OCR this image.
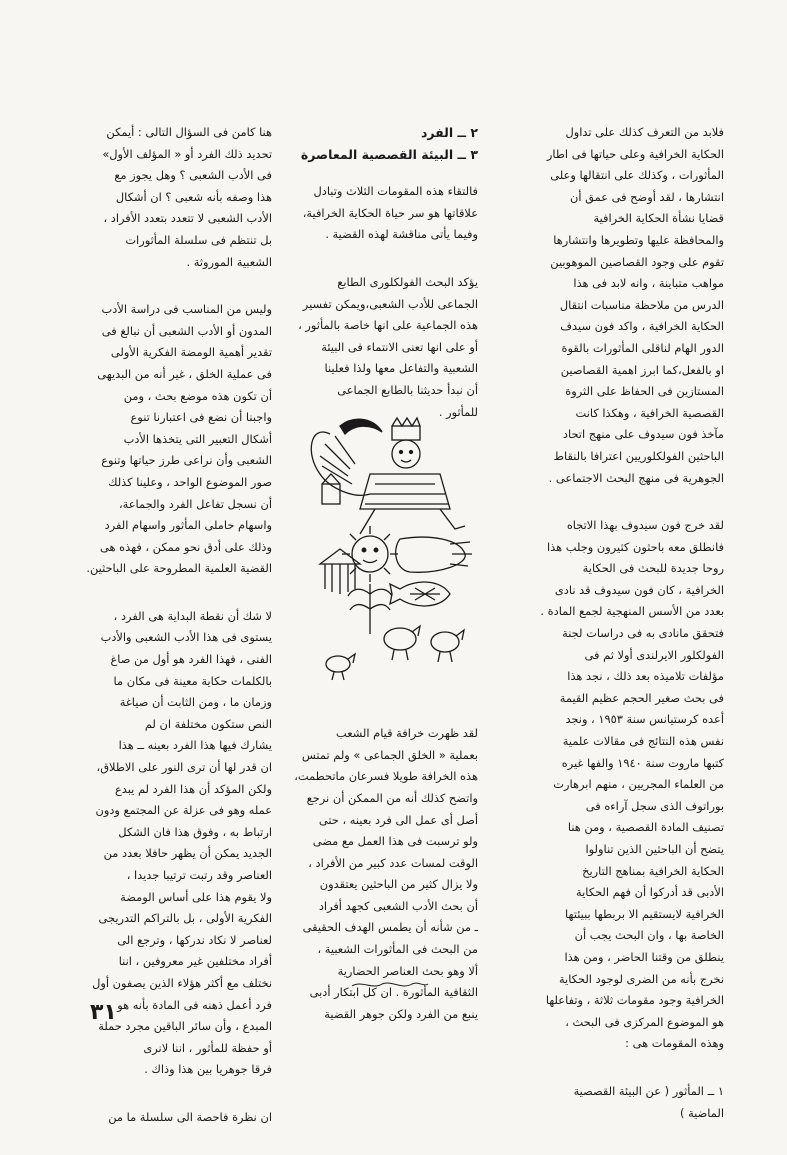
فلابد من التعرف كذلك على تداول
الحكاية الخرافية وعلى حياتها فى اطار
المأثورات ، وكذلك على انتقالها وعلى
انتشارها ، لقد أوضح فى عمق أن
قضايا نشأة الحكاية الخرافية
والمحافظة عليها وتطويرها وانتشارها
تقوم على وجود القصاصين الموهوبين
مواهب متباينة ، وانه لابد فى هذا
الدرس من ملاحظة مناسبات انتقال
الحكاية الخرافية ، واكد فون سيدف
الدور الهام لناقلى المأثورات بالقوة
او بالفعل،كما ابرز اهمية القصاصين
المستازين فى الحفاظ على الثروة
القصصية الخرافية ، وهكذا كانت
مآخذ فون سيدوف على منهج اتحاد
الباحثين الفولكلوريين اعترافا بالنقاط
الجوهرية فى منهج البحث الاجتماعى .

لقد خرج فون سيدوف بهذا الاتجاه
فانطلق معه باحثون كثيرون وجلب هذا
روحا جديدة للبحث فى الحكاية
الخرافية ، كان فون سيدوف قد نادى
بعدد من الأسس المنهجية لجمع المادة .
فتحقق مانادى به فى دراسات لجنة
الفولكلور الايرلندى أولا ثم فى
مؤلفات تلاميذه بعد ذلك ، نجد هذا
فى بحث صغير الحجم عظيم القيمة
أعده كرستيانس سنة ١٩٥٣ ، ونجد
نفس هذه النتائج فى مقالات علمية
كتبها ماروت سنة ١٩٤٠ والفها غيره
من العلماء المجريين ، منهم ابرهارت
بوراتوف الذى سجل آراءه فى
تصنيف المادة القصصية ، ومن هنا
يتضح أن الباحثين الذين تناولوا
الحكاية الخرافية بمناهج التاريخ
الأدبى قد أدركوا أن فهم الحكاية
الخرافية لايستقيم الا بربطها ببيئتها
الخاصة بها ، وان البحث يجب أن
ينطلق من وقتنا الحاضر ، ومن هذا
نخرج بأنه من الضرى لوجود الحكاية
الخرافية وجود مقومات ثلاثة ، وتفاعلها
هو الموضوع المركزى فى البحث ،
وهذه المقومات هى :

١ ــ المأثور ( عن البيئة القصصية
الماضية )

٢ ــ الفرد
٣ ــ البيئة القصصية المعاصرة

فالتقاء هذه المقومات الثلاث وتبادل
علاقاتها هو سر حياة الحكاية الخرافية،
وفيما يأتى مناقشة لهذه القضية .

يؤكد البحث الفولكلورى الطابع
الجماعى للأدب الشعبى،ويمكن تفسير
هذه الجماعية على انها خاصة بالمأثور ،
أو على انها تعنى الانتماء فى البيئة
الشعبية والتفاعل معها ولذا فعلينا
أن نبدأ حديثنا بالطابع الجماعى
للمأثور .

لقد ظهرت خرافة قيام الشعب
بعملية « الخلق الجماعى » ولم تمتس
هذه الخرافة طويلا فسرعان ماتحطمت،
واتضح كذلك أنه من الممكن أن نرجع
أصل أى عمل الى فرد بعينه ، حتى
ولو ترسبت فى هذا العمل مع مضى
الوقت لمسات عدد كبير من الأفراد ،
ولا يزال كثير من الباحثين يعتقدون
أن بحث الأدب الشعبى كجهد أفراد
ـ من شأنه أن يطمس الهدف الحقيقى
من البحث فى المأثورات الشعبية ،
ألا وهو بحث العناصر الحضارية
الثقافية المأثورة . ان كل ابتكار أدبى
ينبع من الفرد ولكن جوهر القضية

هنا كامن فى السؤال التالى : أيمكن
تحديد ذلك الفرد أو « المؤلف الأول»
فى الأدب الشعبى ؟ وهل يجوز مع
هذا وصفه بأنه شعبى ؟ ان أشكال
الأدب الشعبى لا تتعدد بتعدد الأفراد ،
بل تنتظم فى سلسلة المأثورات
الشعبية الموروثة .

وليس من المناسب فى دراسة الأدب
المدون أو الأدب الشعبى أن نبالغ فى
تقدير أهمية الومضة الفكرية الأولى
فى عملية الخلق ، غير أنه من البديهى
أن تكون هذه موضع بحث ، ومن
واجبنا أن نضع فى اعتبارنا تنوع
أشكال التعبير التى يتخذها الأدب
الشعبى وأن نراعى طرز حياتها وتنوع
صور الموضوع الواحد ، وعلينا كذلك
أن نسجل تفاعل الفرد والجماعة،
واسهام حاملى المأثور واسهام الفرد
وذلك على أدق نحو ممكن ، فهذه هى
القضية العلمية المطروحة على الباحثين.

لا شك أن نقطة البداية هى الفرد ،
يستوى فى هذا الأدب الشعبى والأدب
الفنى ، فهذا الفرد هو أول من صاغ
بالكلمات حكاية معينة فى مكان ما
وزمان ما ، ومن الثابت أن صياغة
النص ستكون مختلفة ان لم
يشارك فيها هذا الفرد بعينه ــ هذا
ان قدر لها أن ترى النور على الاطلاق،
ولكن المؤكد أن هذا الفرد لم يبدع
عمله وهو فى عزلة عن المجتمع ودون
ارتباط به ، وفوق هذا فان الشكل
الجديد يمكن أن يظهر حافلا بعدد من
العناصر وقد رتبت ترتيبا جديدا ،
ولا يقوم هذا على أساس الومضة
الفكرية الأولى ، بل بالتراكم التدريجى
لعناصر لا نكاد ندركها ، وترجع الى
أفراد مختلفين غير معروفين ، اننا
نختلف مع أكثر هؤلاء الذين يصفون أول
فرد أعمل ذهنه فى المادة بأنه هو
المبدع ، وأن سائر الباقين مجرد حملة
أو حفظة للمأثور ، اننا لانرى
فرقا جوهريا بين هذا وذاك .

ان نظرة فاحصة الى سلسلة ما من

٣١
